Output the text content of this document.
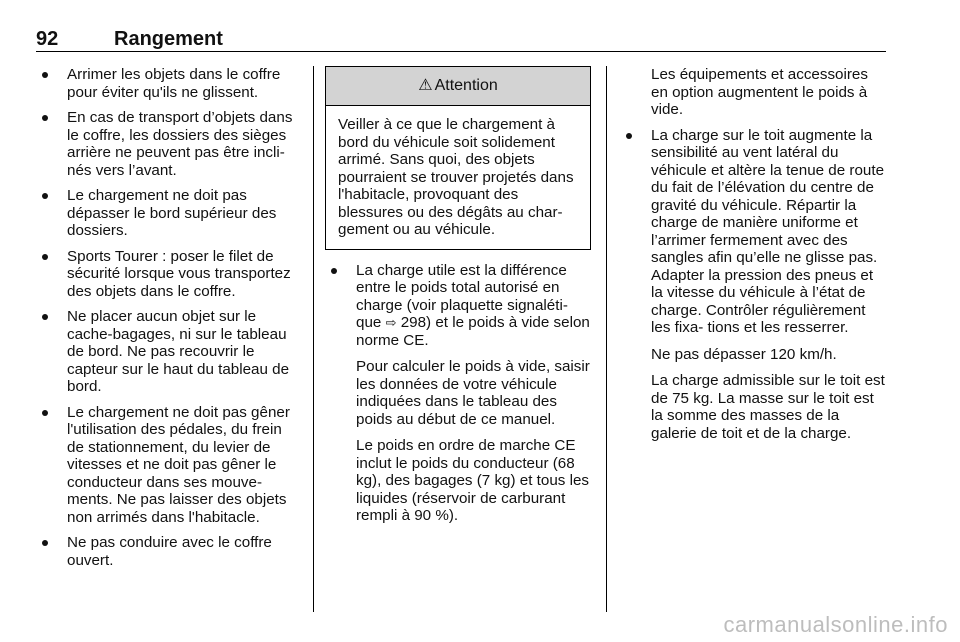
92	Rangement
Arrimer les objets dans le coffre pour éviter qu'ils ne glissent.
En cas de transport d’objets dans le coffre, les dossiers des sièges arrière ne peuvent pas être incli‐ nés vers l’avant.
Le chargement ne doit pas dépasser le bord supérieur des dossiers.
Sports Tourer : poser le filet de sécurité lorsque vous transportez des objets dans le coffre.
Ne placer aucun objet sur le cache-bagages, ni sur le tableau de bord. Ne pas recouvrir le capteur sur le haut du tableau de bord.
Le chargement ne doit pas gêner l'utilisation des pédales, du frein de stationnement, du levier de vitesses et ne doit pas gêner le conducteur dans ses mouve‐ ments. Ne pas laisser des objets non arrimés dans l'habitacle.
Ne pas conduire avec le coffre ouvert.
⚠ Attention
Veiller à ce que le chargement à bord du véhicule soit solidement arrimé. Sans quoi, des objets pourraient se trouver projetés dans l'habitacle, provoquant des blessures ou des dégâts au char‐ gement ou au véhicule.

La charge utile est la différence entre le poids total autorisé en charge (voir plaquette signaléti‐ que ⇨ 298) et le poids à vide selon norme CE.

Pour calculer le poids à vide, saisir les données de votre véhicule indiquées dans le tableau des poids au début de ce manuel.

Le poids en ordre de marche CE inclut le poids du conducteur (68 kg), des bagages (7 kg) et tous les liquides (réservoir de carburant rempli à 90 %).

Les équipements et accessoires en option augmentent le poids à vide.

La charge sur le toit augmente la sensibilité au vent latéral du véhicule et altère la tenue de route du fait de l’élévation du centre de gravité du véhicule. Répartir la charge de manière uniforme et l’arrimer fermement avec des sangles afin qu’elle ne glisse pas. Adapter la pression des pneus et la vitesse du véhicule à l’état de charge. Contrôler régulièrement les fixa‐ tions et les resserrer.

Ne pas dépasser 120 km/h.

La charge admissible sur le toit est de 75 kg. La masse sur le toit est la somme des masses de la galerie de toit et de la charge.

carmanualsonline.info
